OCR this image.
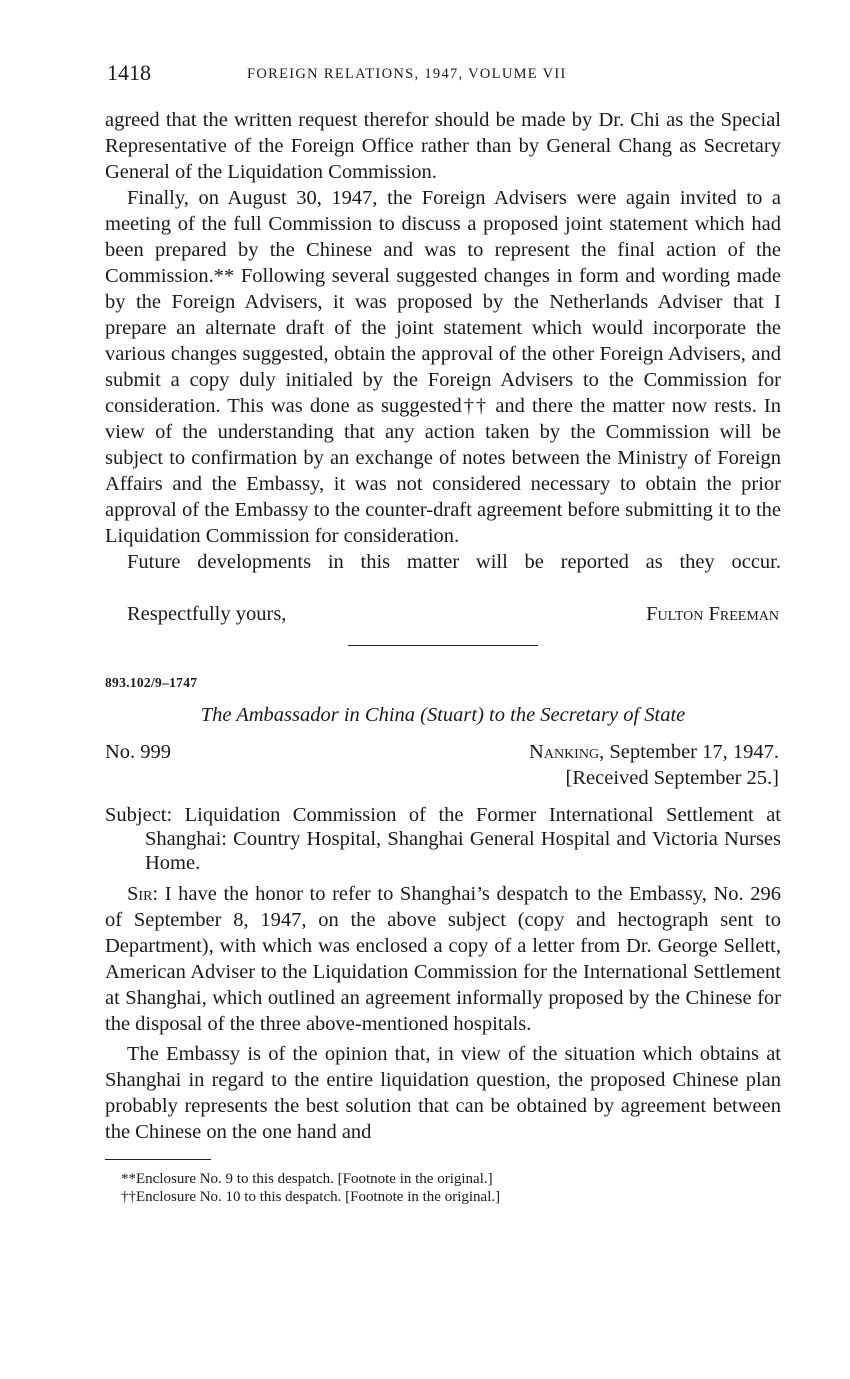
1418	FOREIGN RELATIONS, 1947, VOLUME VII

agreed that the written request therefor should be made by Dr. Chi as the Special Representative of the Foreign Office rather than by General Chang as Secretary General of the Liquidation Commission.

Finally, on August 30, 1947, the Foreign Advisers were again invited to a meeting of the full Commission to discuss a proposed joint statement which had been prepared by the Chinese and was to represent the final action of the Commission.** Following several suggested changes in form and wording made by the Foreign Advisers, it was proposed by the Netherlands Adviser that I prepare an alternate draft of the joint statement which would incorporate the various changes suggested, obtain the approval of the other Foreign Advisers, and submit a copy duly initialed by the Foreign Advisers to the Commission for consideration. This was done as suggested†† and there the matter now rests. In view of the understanding that any action taken by the Commission will be subject to confirmation by an exchange of notes between the Ministry of Foreign Affairs and the Embassy, it was not considered necessary to obtain the prior approval of the Embassy to the counter-draft agreement before submitting it to the Liquidation Commission for consideration.

Future developments in this matter will be reported as they occur.

Respectfully yours,	Fulton Freeman
893.102/9–1747
The Ambassador in China (Stuart) to the Secretary of State
No. 999	Nanking, September 17, 1947.
[Received September 25.]
Subject: Liquidation Commission of the Former International Settlement at Shanghai: Country Hospital, Shanghai General Hospital and Victoria Nurses Home.

Sir: I have the honor to refer to Shanghai’s despatch to the Embassy, No. 296 of September 8, 1947, on the above subject (copy and hectograph sent to Department), with which was enclosed a copy of a letter from Dr. George Sellett, American Adviser to the Liquidation Commission for the International Settlement at Shanghai, which outlined an agreement informally proposed by the Chinese for the disposal of the three above-mentioned hospitals.

The Embassy is of the opinion that, in view of the situation which obtains at Shanghai in regard to the entire liquidation question, the proposed Chinese plan probably represents the best solution that can be obtained by agreement between the Chinese on the one hand and

**Enclosure No. 9 to this despatch. [Footnote in the original.]
††Enclosure No. 10 to this despatch. [Footnote in the original.]
